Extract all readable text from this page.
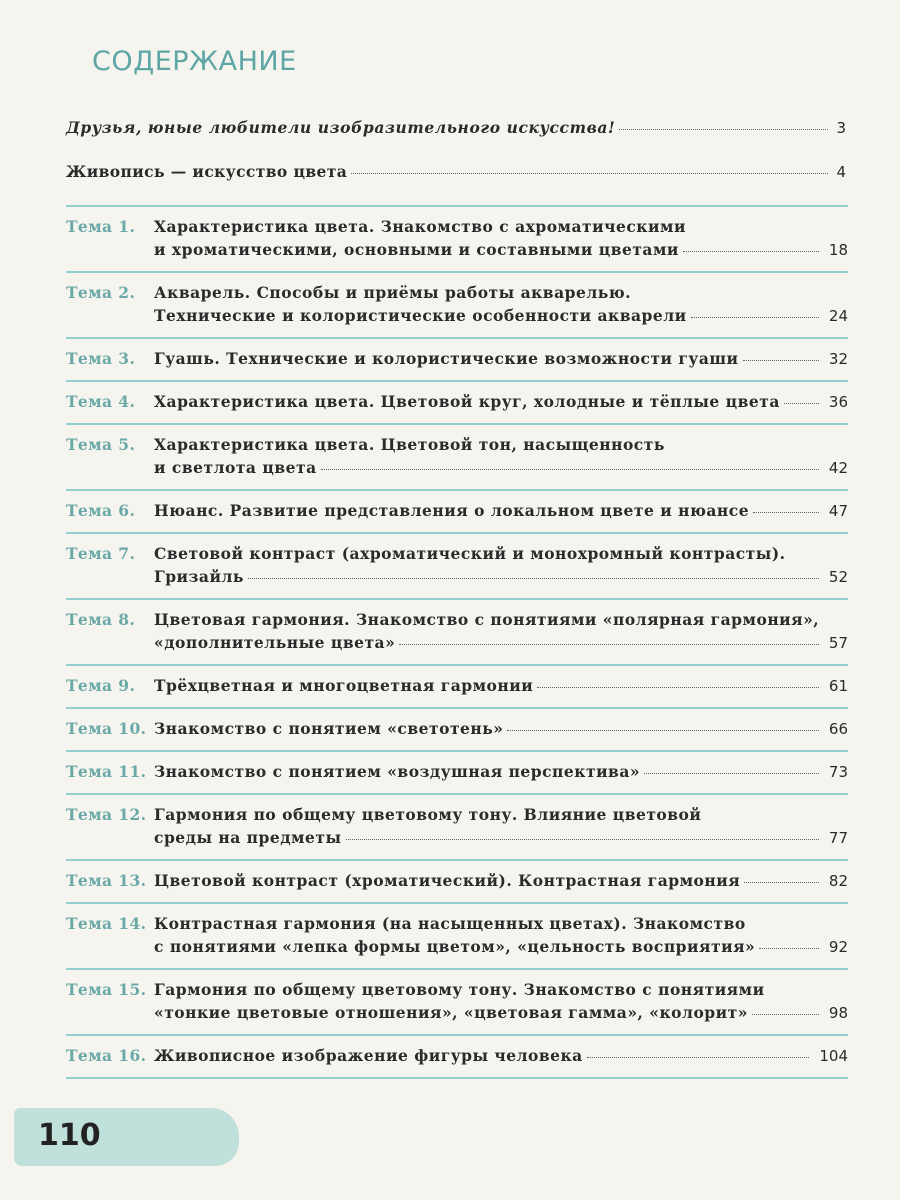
СОДЕРЖАНИЕ
Друзья, юные любители изобразительного искусства!	3
Живопись — искусство цвета	4
Тема 1.	Характеристика цвета. Знакомство с ахроматическими
и хроматическими, основными и составными цветами	18
Тема 2.	Акварель. Способы и приёмы работы акварелью.
Технические и колористические особенности акварели	24
Тема 3.	Гуашь. Технические и колористические возможности гуаши	32
Тема 4.	Характеристика цвета. Цветовой круг, холодные и тёплые цвета	36
Тема 5.	Характеристика цвета. Цветовой тон, насыщенность
и светлота цвета	42
Тема 6.	Нюанс. Развитие представления о локальном цвете и нюансе	47
Тема 7.	Световой контраст (ахроматический и монохромный контрасты).
Гризайль	52
Тема 8.	Цветовая гармония. Знакомство с понятиями «полярная гармония»,
«дополнительные цвета»	57
Тема 9.	Трёхцветная и многоцветная гармонии	61
Тема 10. Знакомство с понятием «светотень»	66
Тема 11. Знакомство с понятием «воздушная перспектива»	73
Тема 12. Гармония по общему цветовому тону. Влияние цветовой
среды на предметы	77
Тема 13. Цветовой контраст (хроматический). Контрастная гармония	82
Тема 14. Контрастная гармония (на насыщенных цветах). Знакомство
с понятиями «лепка формы цветом», «цельность восприятия»	92
Тема 15. Гармония по общему цветовому тону. Знакомство с понятиями
«тонкие цветовые отношения», «цветовая гамма», «колорит»	98
Тема 16. Живописное изображение фигуры человека	104
110
